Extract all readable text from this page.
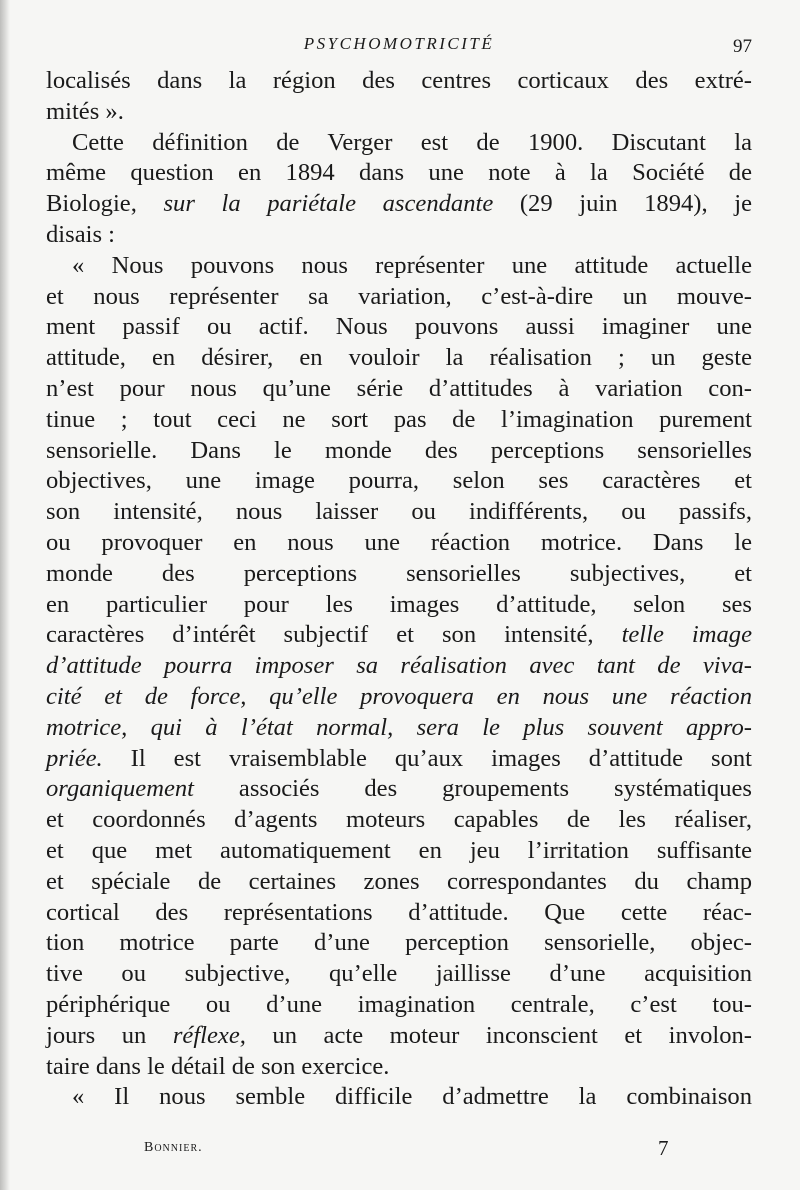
PSYCHOMOTRICITÉ	97
localisés dans la région des centres corticaux des extré-
mités ».
Cette définition de Verger est de 1900. Discutant la
même question en 1894 dans une note à la Société de
Biologie, sur la pariétale ascendante (29 juin 1894), je
disais :
« Nous pouvons nous représenter une attitude actuelle
et nous représenter sa variation, c’est-à-dire un mouve-
ment passif ou actif. Nous pouvons aussi imaginer une
attitude, en désirer, en vouloir la réalisation ; un geste
n’est pour nous qu’une série d’attitudes à variation con-
tinue ; tout ceci ne sort pas de l’imagination purement
sensorielle. Dans le monde des perceptions sensorielles
objectives, une image pourra, selon ses caractères et
son intensité, nous laisser ou indifférents, ou passifs,
ou provoquer en nous une réaction motrice. Dans le
monde des perceptions sensorielles subjectives, et
en particulier pour les images d’attitude, selon ses
caractères d’intérêt subjectif et son intensité, telle image
d’attitude pourra imposer sa réalisation avec tant de viva-
cité et de force, qu’elle provoquera en nous une réaction
motrice, qui à l’état normal, sera le plus souvent appro-
priée. Il est vraisemblable qu’aux images d’attitude sont
organiquement associés des groupements systématiques
et coordonnés d’agents moteurs capables de les réaliser,
et que met automatiquement en jeu l’irritation suffisante
et spéciale de certaines zones correspondantes du champ
cortical des représentations d’attitude. Que cette réac-
tion motrice parte d’une perception sensorielle, objec-
tive ou subjective, qu’elle jaillisse d’une acquisition
périphérique ou d’une imagination centrale, c’est tou-
jours un réflexe, un acte moteur inconscient et involon-
taire dans le détail de son exercice.
« Il nous semble difficile d’admettre la combinaison
Bonnier.	7
